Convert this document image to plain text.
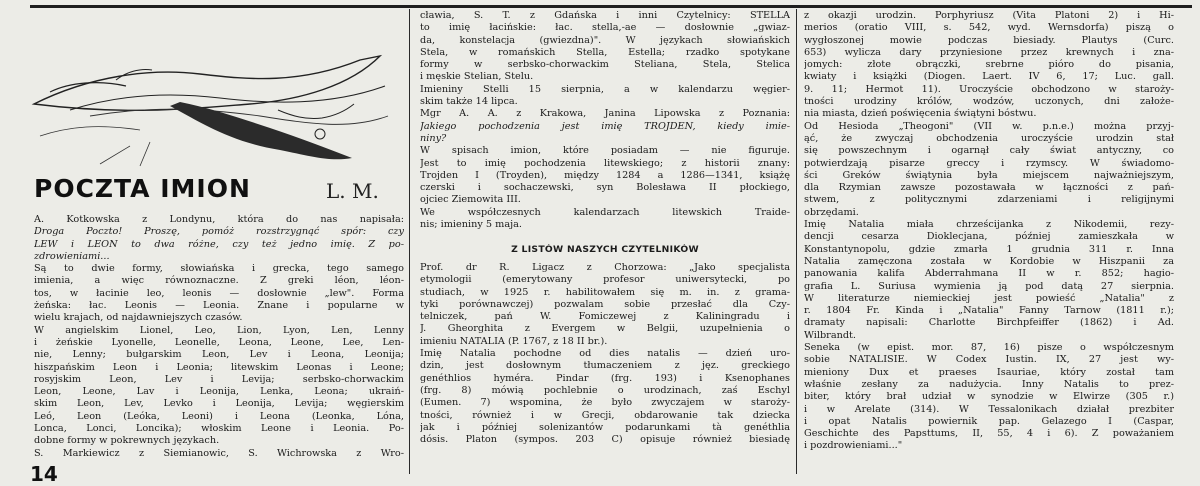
POCZTA IMION	L. M.
A. Kotkowska z Londynu, która do nas napisała:
Droga Poczto! Proszę, pomóż rozstrzygnąć spór: czy
LEW i LEON to dwa różne, czy też jedno imię. Z po-
zdrowieniami...
Są to dwie formy, słowiańska i grecka, tego samego
imienia, a więc równoznaczne. Z greki léon, léon-
tos, w łacinie leo, leonis — dosłownie „lew". Forma
żeńska: łac. Leonis — Leonia. Znane i popularne w
wielu krajach, od najdawniejszych czasów.
W angielskim Lionel, Leo, Lion, Lyon, Len, Lenny
i żeńskie Lyonelle, Leonelle, Leona, Leone, Lee, Len-
nie, Lenny; bułgarskim Leon, Lev i Leona, Leonija;
hiszpańskim Leon i Leonia; litewskim Leonas i Leone;
rosyjskim Leon, Lev i Levija; serbsko-chorwackim
Leon, Leone, Lav i Leonija, Lenka, Leona; ukraiń-
skim Leon, Lev, Levko i Leonija, Levija; węgierskim
Leó, Leon (Leóka, Leoni) i Leona (Leonka, Lóna,
Lonca, Lonci, Loncika); włoskim Leone i Leonia. Po-
dobne formy w pokrewnych językach.
S. Markiewicz z Siemianowic, S. Wichrowska z Wro-
cławia, S. T. z Gdańska i inni Czytelnicy: STELLA
to imię łacińskie: łac. stella,-ae — dosłownie „gwiaz-
da, konstelacja (gwiezdna)". W językach słowiańskich
Stela, w romańskich Stella, Estella; rzadko spotykane
formy w serbsko-chorwackim Steliana, Stela, Stelica
i męskie Stelian, Stelu.
Imieniny Stelli 15 sierpnia, a w kalendarzu węgier-
skim także 14 lipca.
Mgr A. A. z Krakowa, Janina Lipowska z Poznania:
Jakiego pochodzenia jest imię TROJDEN, kiedy imie-
niny?
W spisach imion, które posiadam — nie figuruje.
Jest to imię pochodzenia litewskiego; z historii znany:
Trojden I (Troyden), między 1284 a 1286—1341, książę
czerski i sochaczewski, syn Bolesława II płockiego,
ojciec Ziemowita III.
We współczesnych kalendarzach litewskich Traide-
nis; imieniny 5 maja.
Z LISTÓW NASZYCH CZYTELNIKÓW
Prof. dr R. Ligacz z Chorzowa: „Jako specjalista
etymologii (emerytowany profesor uniwersytecki, po
studiach, w 1925 r. habilitowałem się m. in. z grama-
tyki porównawczej) pozwalam sobie przesłać dla Czy-
telniczek, pań W. Fomiczewej z Kaliningradu i
J. Gheorghita z Evergem w Belgii, uzupełnienia o
imieniu NATALIA (P. 1767, z 18 II br.).
Imię Natalia pochodne od dies natalis — dzień uro-
dzin, jest dosłownym tłumaczeniem z jęz. greckiego
genéthlios hyméra. Pindar (frg. 193) i Ksenophanes
(frg. 8) mówią pochlebnie o urodzinach, zaś Eschyl
(Eumen. 7) wspomina, że było zwyczajem w staroży-
tności, również i w Grecji, obdarowanie tak dziecka
jak i później solenizantów podarunkami tà genéthlia
dósis. Platon (sympos. 203 C) opisuje również biesiadę
z okazji urodzin. Porphyriusz (Vita Platoni 2) i Hi-
merios (oratio VIII, s. 542, wyd. Wernsdorfa) piszą o
wygłoszonej mowie podczas biesiady. Plautys (Curc.
653) wylicza dary przyniesione przez krewnych i zna-
jomych: złote obrączki, srebrne pióro do pisania,
kwiaty i książki (Diogen. Laert. IV 6, 17; Luc. gall.
9. 11; Hermot 11). Uroczyście obchodzono w staroży-
tności urodziny królów, wodzów, uczonych, dni założe-
nia miasta, dzień poświęcenia świątyni bóstwu.
Od Hesioda „Theogoni" (VII w. p.n.e.) można przyj-
ąć, że zwyczaj obchodzenia uroczyście urodzin stał
się powszechnym i ogarnął cały świat antyczny, co
potwierdzają pisarze greccy i rzymscy. W świadomo-
ści Greków świątynia była miejscem najważniejszym,
dla Rzymian zawsze pozostawała w łączności z pań-
stwem, z politycznymi zdarzeniami i religijnymi
obrzędami.
Imię Natalia miała chrześcijanka z Nikodemii, rezy-
dencji cesarza Dioklecjana, później zamieszkała w
Konstantynopolu, gdzie zmarła 1 grudnia 311 r. Inna
Natalia zamęczona została w Kordobie w Hiszpanii za
panowania kalifa Abderrahmana II w r. 852; hagio-
grafia L. Suriusa wymienia ją pod datą 27 sierpnia.
W literaturze niemieckiej jest powieść „Natalia" z
r. 1804 Fr. Kinda i „Natalia" Fanny Tarnow (1811 r.);
dramaty napisali: Charlotte Birchpfeiffer (1862) i Ad.
Wilbrandt.
Seneka (w epist. mor. 87, 16) pisze o współczesnym
sobie NATALISIE. W Codex Iustin. IX, 27 jest wy-
mieniony Dux et praeses Isauriae, który został tam
właśnie zesłany za nadużycia. Inny Natalis to prez-
biter, który brał udział w synodzie w Elwirze (305 r.)
i w Arelate (314). W Tessalonikach działał prezbiter
i opat Natalis powiernik pap. Gelazego I (Caspar,
Geschichte des Papsttums, II, 55, 4 i 6). Z poważaniem
i pozdrowieniami..."
14
